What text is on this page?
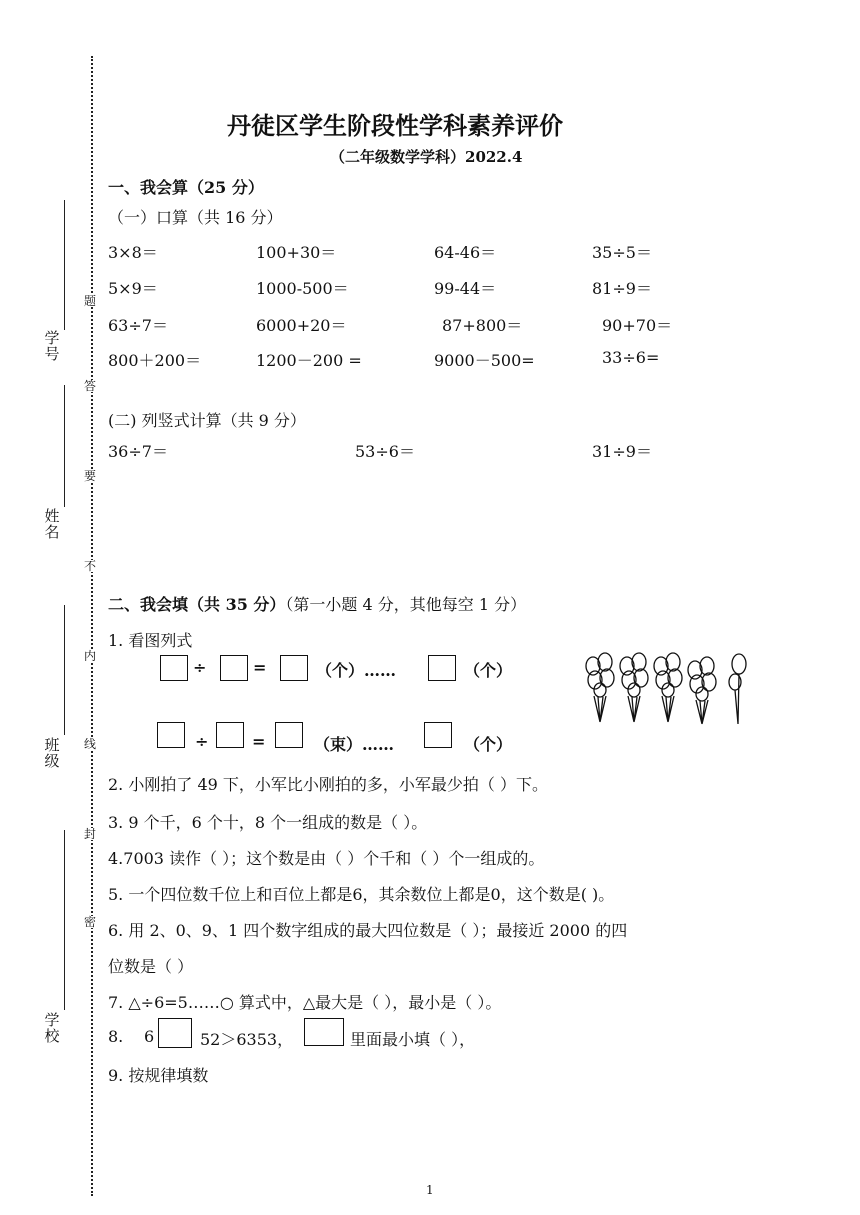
学号
姓名
班级
学校
题
答
要
不
内
线
封
密
丹徒区学生阶段性学科素养评价
（二年级数学学科）2022.4
一、我会算（25 分）
（一）口算（共 16 分）
3×8＝	100+30＝	64-46＝	35÷5＝
5×9＝	1000-500＝	99-44＝	81÷9＝
63÷7＝	6000+20＝	87+800＝	90+70＝
800＋200＝	1200－200 =	9000－500=	33÷6=
(二) 列竖式计算（共 9 分）
36÷7＝	53÷6＝	31÷9＝
二、我会填（共 35 分）（第一小题 4 分，其他每空 1 分）
1. 看图列式
÷	=	（个）……	（个）
÷	=	（束）……	（个）
2. 小刚拍了 49 下，小军比小刚拍的多，小军最少拍（ ）下。
3. 9 个千，6 个十，8 个一组成的数是（ ）。
4.7003 读作（ ）；这个数是由（ ）个千和（ ）个一组成的。
5. 一个四位数千位上和百位上都是6，其余数位上都是0，这个数是( )。
6. 用 2、0、9、1 四个数字组成的最大四位数是（ ）；最接近 2000 的四
位数是（ ）
7. △÷6=5……○ 算式中，△最大是（ ），最小是（ ）。
8. 6	52＞6353，	里面最小填（ ），
9. 按规律填数
1
